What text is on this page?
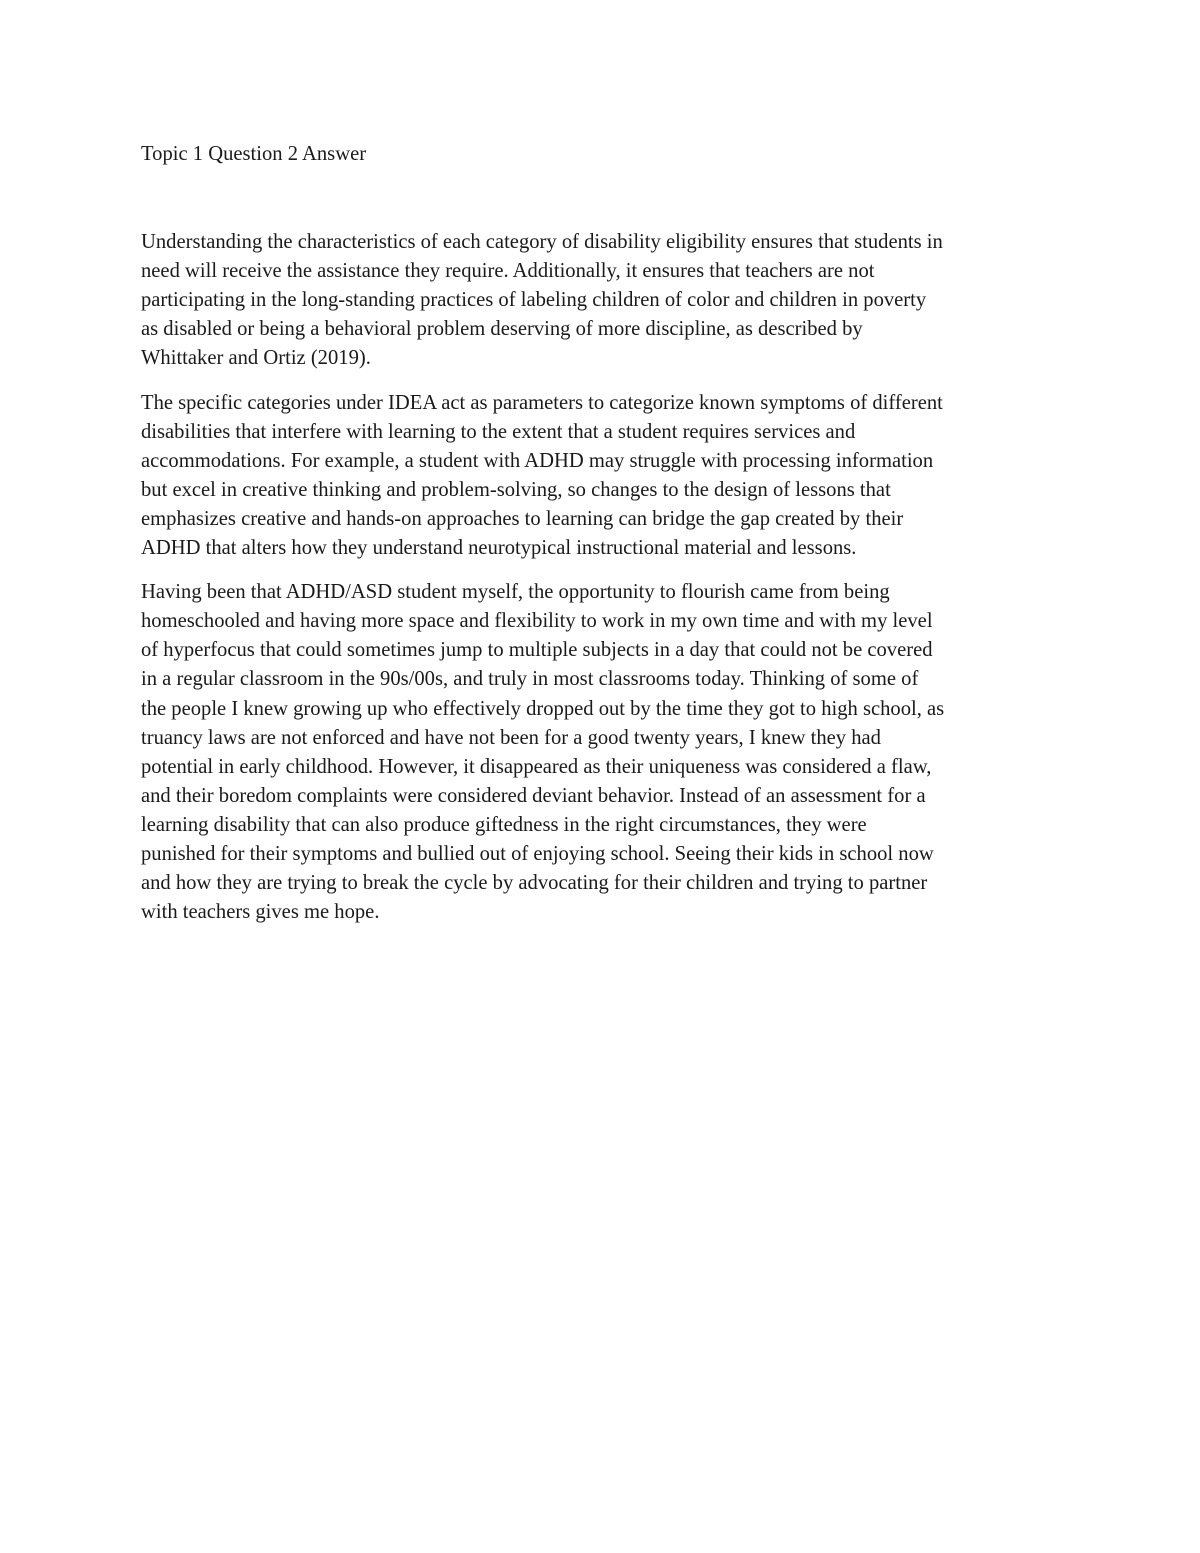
Topic 1 Question 2 Answer
Understanding the characteristics of each category of disability eligibility ensures that students in
need will receive the assistance they require. Additionally, it ensures that teachers are not
participating in the long-standing practices of labeling children of color and children in poverty
as disabled or being a behavioral problem deserving of more discipline, as described by
Whittaker and Ortiz (2019).
The specific categories under IDEA act as parameters to categorize known symptoms of different
disabilities that interfere with learning to the extent that a student requires services and
accommodations. For example, a student with ADHD may struggle with processing information
but excel in creative thinking and problem-solving, so changes to the design of lessons that
emphasizes creative and hands-on approaches to learning can bridge the gap created by their
ADHD that alters how they understand neurotypical instructional material and lessons.
Having been that ADHD/ASD student myself, the opportunity to flourish came from being
homeschooled and having more space and flexibility to work in my own time and with my level
of hyperfocus that could sometimes jump to multiple subjects in a day that could not be covered
in a regular classroom in the 90s/00s, and truly in most classrooms today. Thinking of some of
the people I knew growing up who effectively dropped out by the time they got to high school, as
truancy laws are not enforced and have not been for a good twenty years, I knew they had
potential in early childhood. However, it disappeared as their uniqueness was considered a flaw,
and their boredom complaints were considered deviant behavior. Instead of an assessment for a
learning disability that can also produce giftedness in the right circumstances, they were
punished for their symptoms and bullied out of enjoying school. Seeing their kids in school now
and how they are trying to break the cycle by advocating for their children and trying to partner
with teachers gives me hope.
